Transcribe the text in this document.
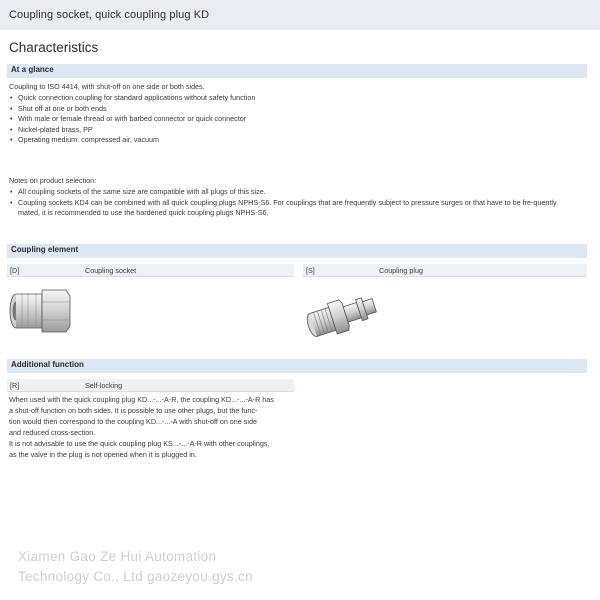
Coupling socket, quick coupling plug KD
Characteristics
At a glance
Coupling to ISO 4414, with shut-off on one side or both sides.
• Quick connection coupling for standard applications without safety function
• Shut off at one or both ends
• With male or female thread or with barbed connector or quick connector
• Nickel-plated brass, PP
• Operating medium: compressed air, vacuum
Notes on product selection:
• All coupling sockets of the same size are compatible with all plugs of this size.
• Coupling sockets KD4 can be combined with all quick coupling plugs NPHS-S6. For couplings that are frequently subject to pressure surges or that have to be fre-quently mated, it is recommended to use the hardened quick coupling plugs NPHS-S6.
Coupling element
[D]	Coupling socket	[S]	Coupling plug
Additional function
[R]	Self-locking
When used with the quick coupling plug KD...-...-A-R, the coupling KD...-...-A-R has
a shut-off function on both sides. It is possible to use other plugs, but the func-
tion would then correspond to the coupling KD...-...-A with shut-off on one side
and reduced cross-section.
It is not advisable to use the quick coupling plug KS...-...-A-R with other couplings,
as the valve in the plug is not opened when it is plugged in.
Xiamen Gao Ze Hui Automation
Technology Co., Ltd gaozeyou.gys.cn
